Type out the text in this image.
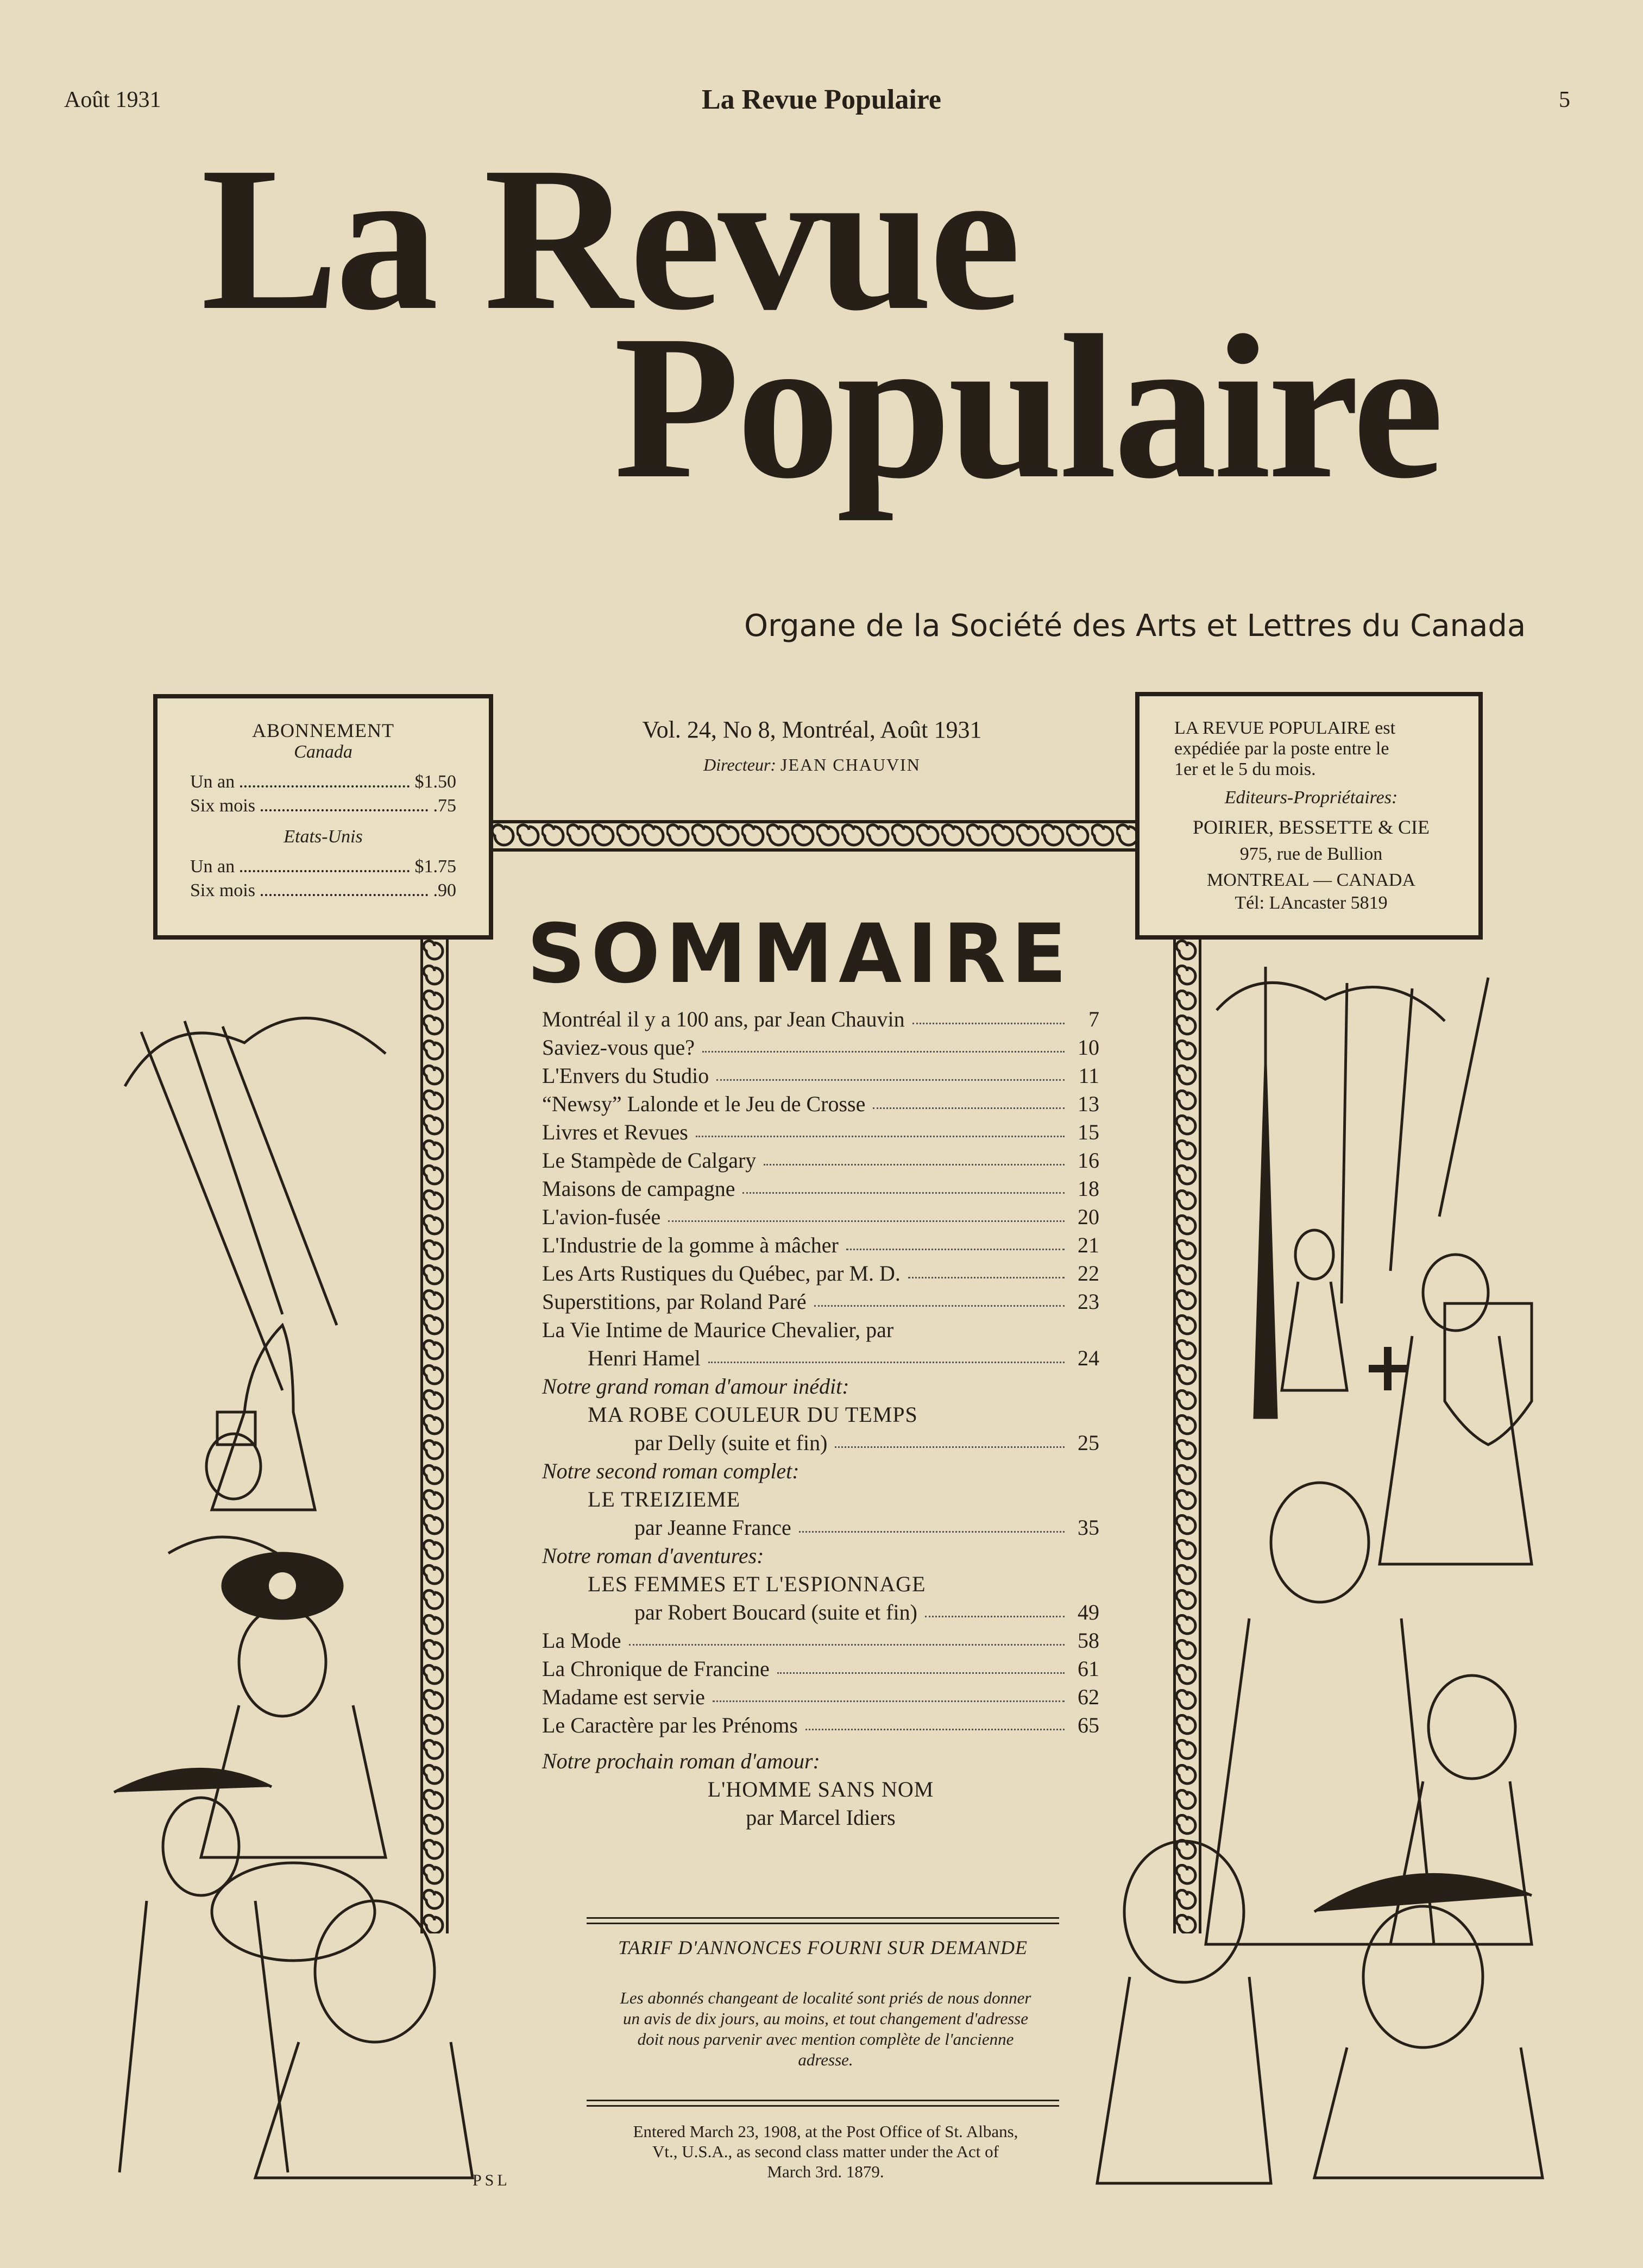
Août 1931	La Revue Populaire	5
La Revue
Populaire
Organe de la Société des Arts et Lettres du Canada
ABONNEMENT
Canada
Un an	$1.50
Six mois	.75
Etats-Unis
Un an	$1.75
Six mois	.90
Vol. 24, No 8, Montréal, Août 1931
Directeur: JEAN CHAUVIN
LA REVUE POPULAIRE est
expédiée par la poste entre le
1er et le 5 du mois.
Editeurs-Propriétaires:
POIRIER, BESSETTE & CIE
975, rue de Bullion
MONTREAL — CANADA
Tél: LAncaster 5819
PSL
SOMMAIRE
Montréal il y a 100 ans, par Jean Chauvin	7
Saviez-vous que?	10
L'Envers du Studio	11
“Newsy” Lalonde et le Jeu de Crosse	13
Livres et Revues	15
Le Stampède de Calgary	16
Maisons de campagne	18
L'avion-fusée	20
L'Industrie de la gomme à mâcher	21
Les Arts Rustiques du Québec, par M. D.	22
Superstitions, par Roland Paré	23
La Vie Intime de Maurice Chevalier, par
Henri Hamel	24
Notre grand roman d'amour inédit:
MA ROBE COULEUR DU TEMPS
par Delly (suite et fin)	25
Notre second roman complet:
LE TREIZIEME
par Jeanne France	35
Notre roman d'aventures:
LES FEMMES ET L'ESPIONNAGE
par Robert Boucard (suite et fin)	49
La Mode	58
La Chronique de Francine	61
Madame est servie	62
Le Caractère par les Prénoms	65
Notre prochain roman d'amour:
L'HOMME SANS NOM
par Marcel Idiers
TARIF D'ANNONCES FOURNI SUR DEMANDE
Les abonnés changeant de localité sont priés de nous donner un avis de dix jours, au moins, et tout changement d'adresse doit nous parvenir avec mention complète de l'ancienne adresse.
Entered March 23, 1908, at the Post Office of St. Albans, Vt., U.S.A., as second class matter under the Act of March 3rd. 1879.
